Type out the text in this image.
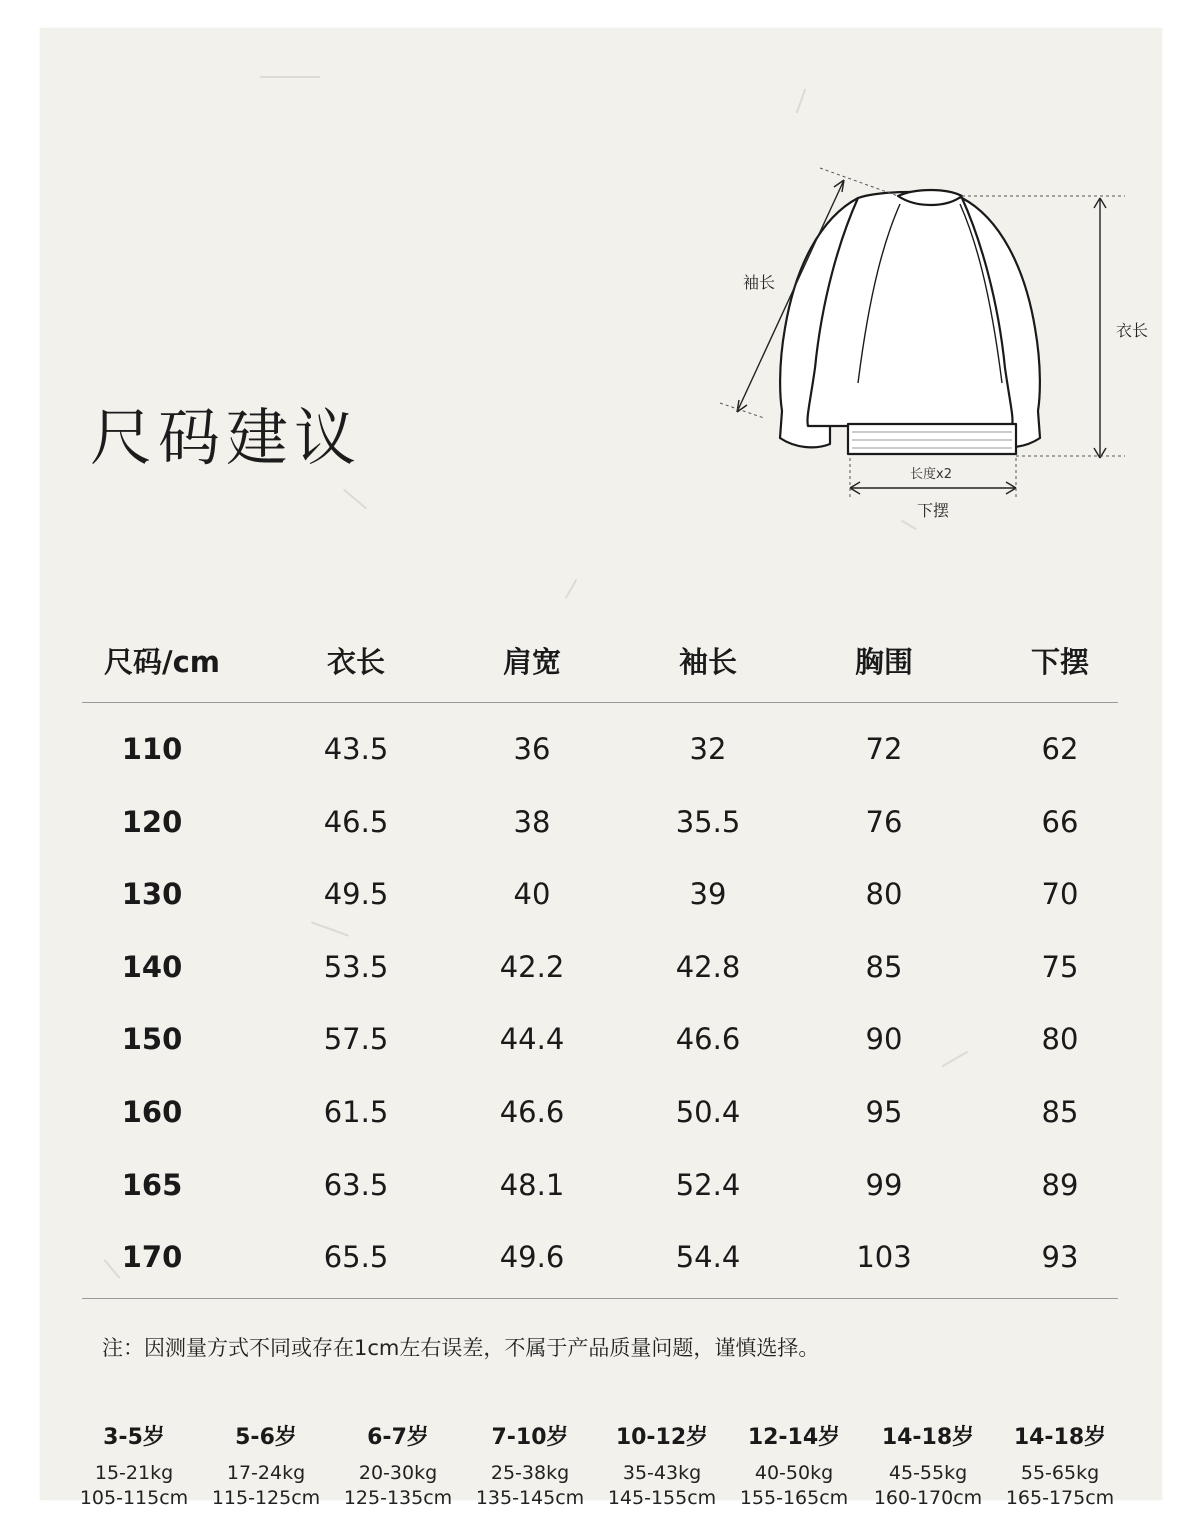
尺码建议
袖长
衣长
长度x2
下摆
尺码/cm	衣长	肩宽	袖长	胸围	下摆
110	43.5	36	32	72	62
120	46.5	38	35.5	76	66
130	49.5	40	39	80	70
140	53.5	42.2	42.8	85	75
150	57.5	44.4	46.6	90	80
160	61.5	46.6	50.4	95	85
165	63.5	48.1	52.4	99	89
170	65.5	49.6	54.4	103	93
注：因测量方式不同或存在1cm左右误差，不属于产品质量问题，谨慎选择。
3-5岁
15-21kg
105-115cm
5-6岁
17-24kg
115-125cm
6-7岁
20-30kg
125-135cm
7-10岁
25-38kg
135-145cm
10-12岁
35-43kg
145-155cm
12-14岁
40-50kg
155-165cm
14-18岁
45-55kg
160-170cm
14-18岁
55-65kg
165-175cm
